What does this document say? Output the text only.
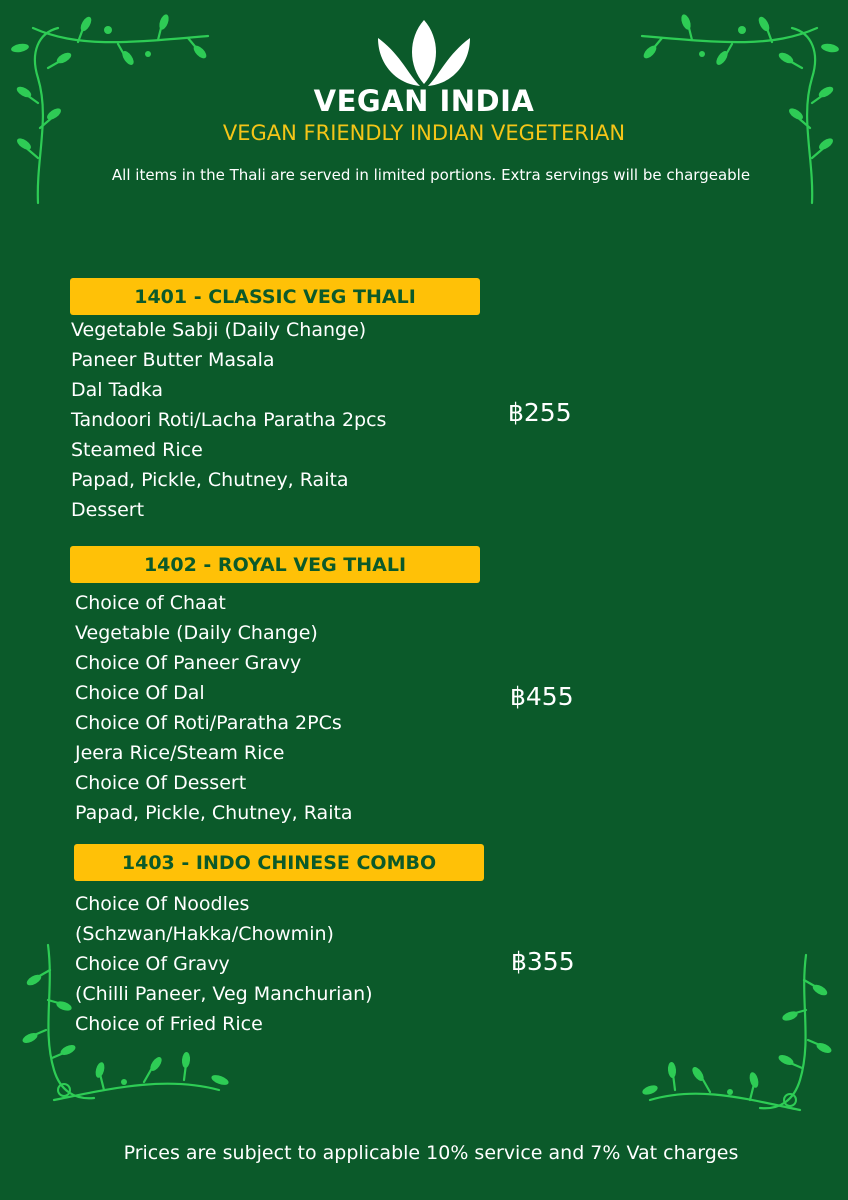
VEGAN INDIA
VEGAN FRIENDLY INDIAN VEGETERIAN
All items in the Thali are served in limited portions. Extra servings will be chargeable
1401 - CLASSIC VEG THALI
Vegetable Sabji (Daily Change)
Paneer Butter Masala
Dal Tadka
Tandoori Roti/Lacha Paratha 2pcs
Steamed Rice
Papad, Pickle, Chutney, Raita
Dessert
฿255
1402 - ROYAL VEG THALI
Choice of Chaat
Vegetable (Daily Change)
Choice Of Paneer Gravy
Choice Of Dal
Choice Of Roti/Paratha 2PCs
Jeera Rice/Steam Rice
Choice Of Dessert
Papad, Pickle, Chutney, Raita
฿455
1403 - INDO CHINESE COMBO
Choice Of Noodles
(Schzwan/Hakka/Chowmin)
Choice Of Gravy
(Chilli Paneer, Veg Manchurian)
Choice of Fried Rice
฿355
Prices are subject to applicable 10% service and 7% Vat charges
